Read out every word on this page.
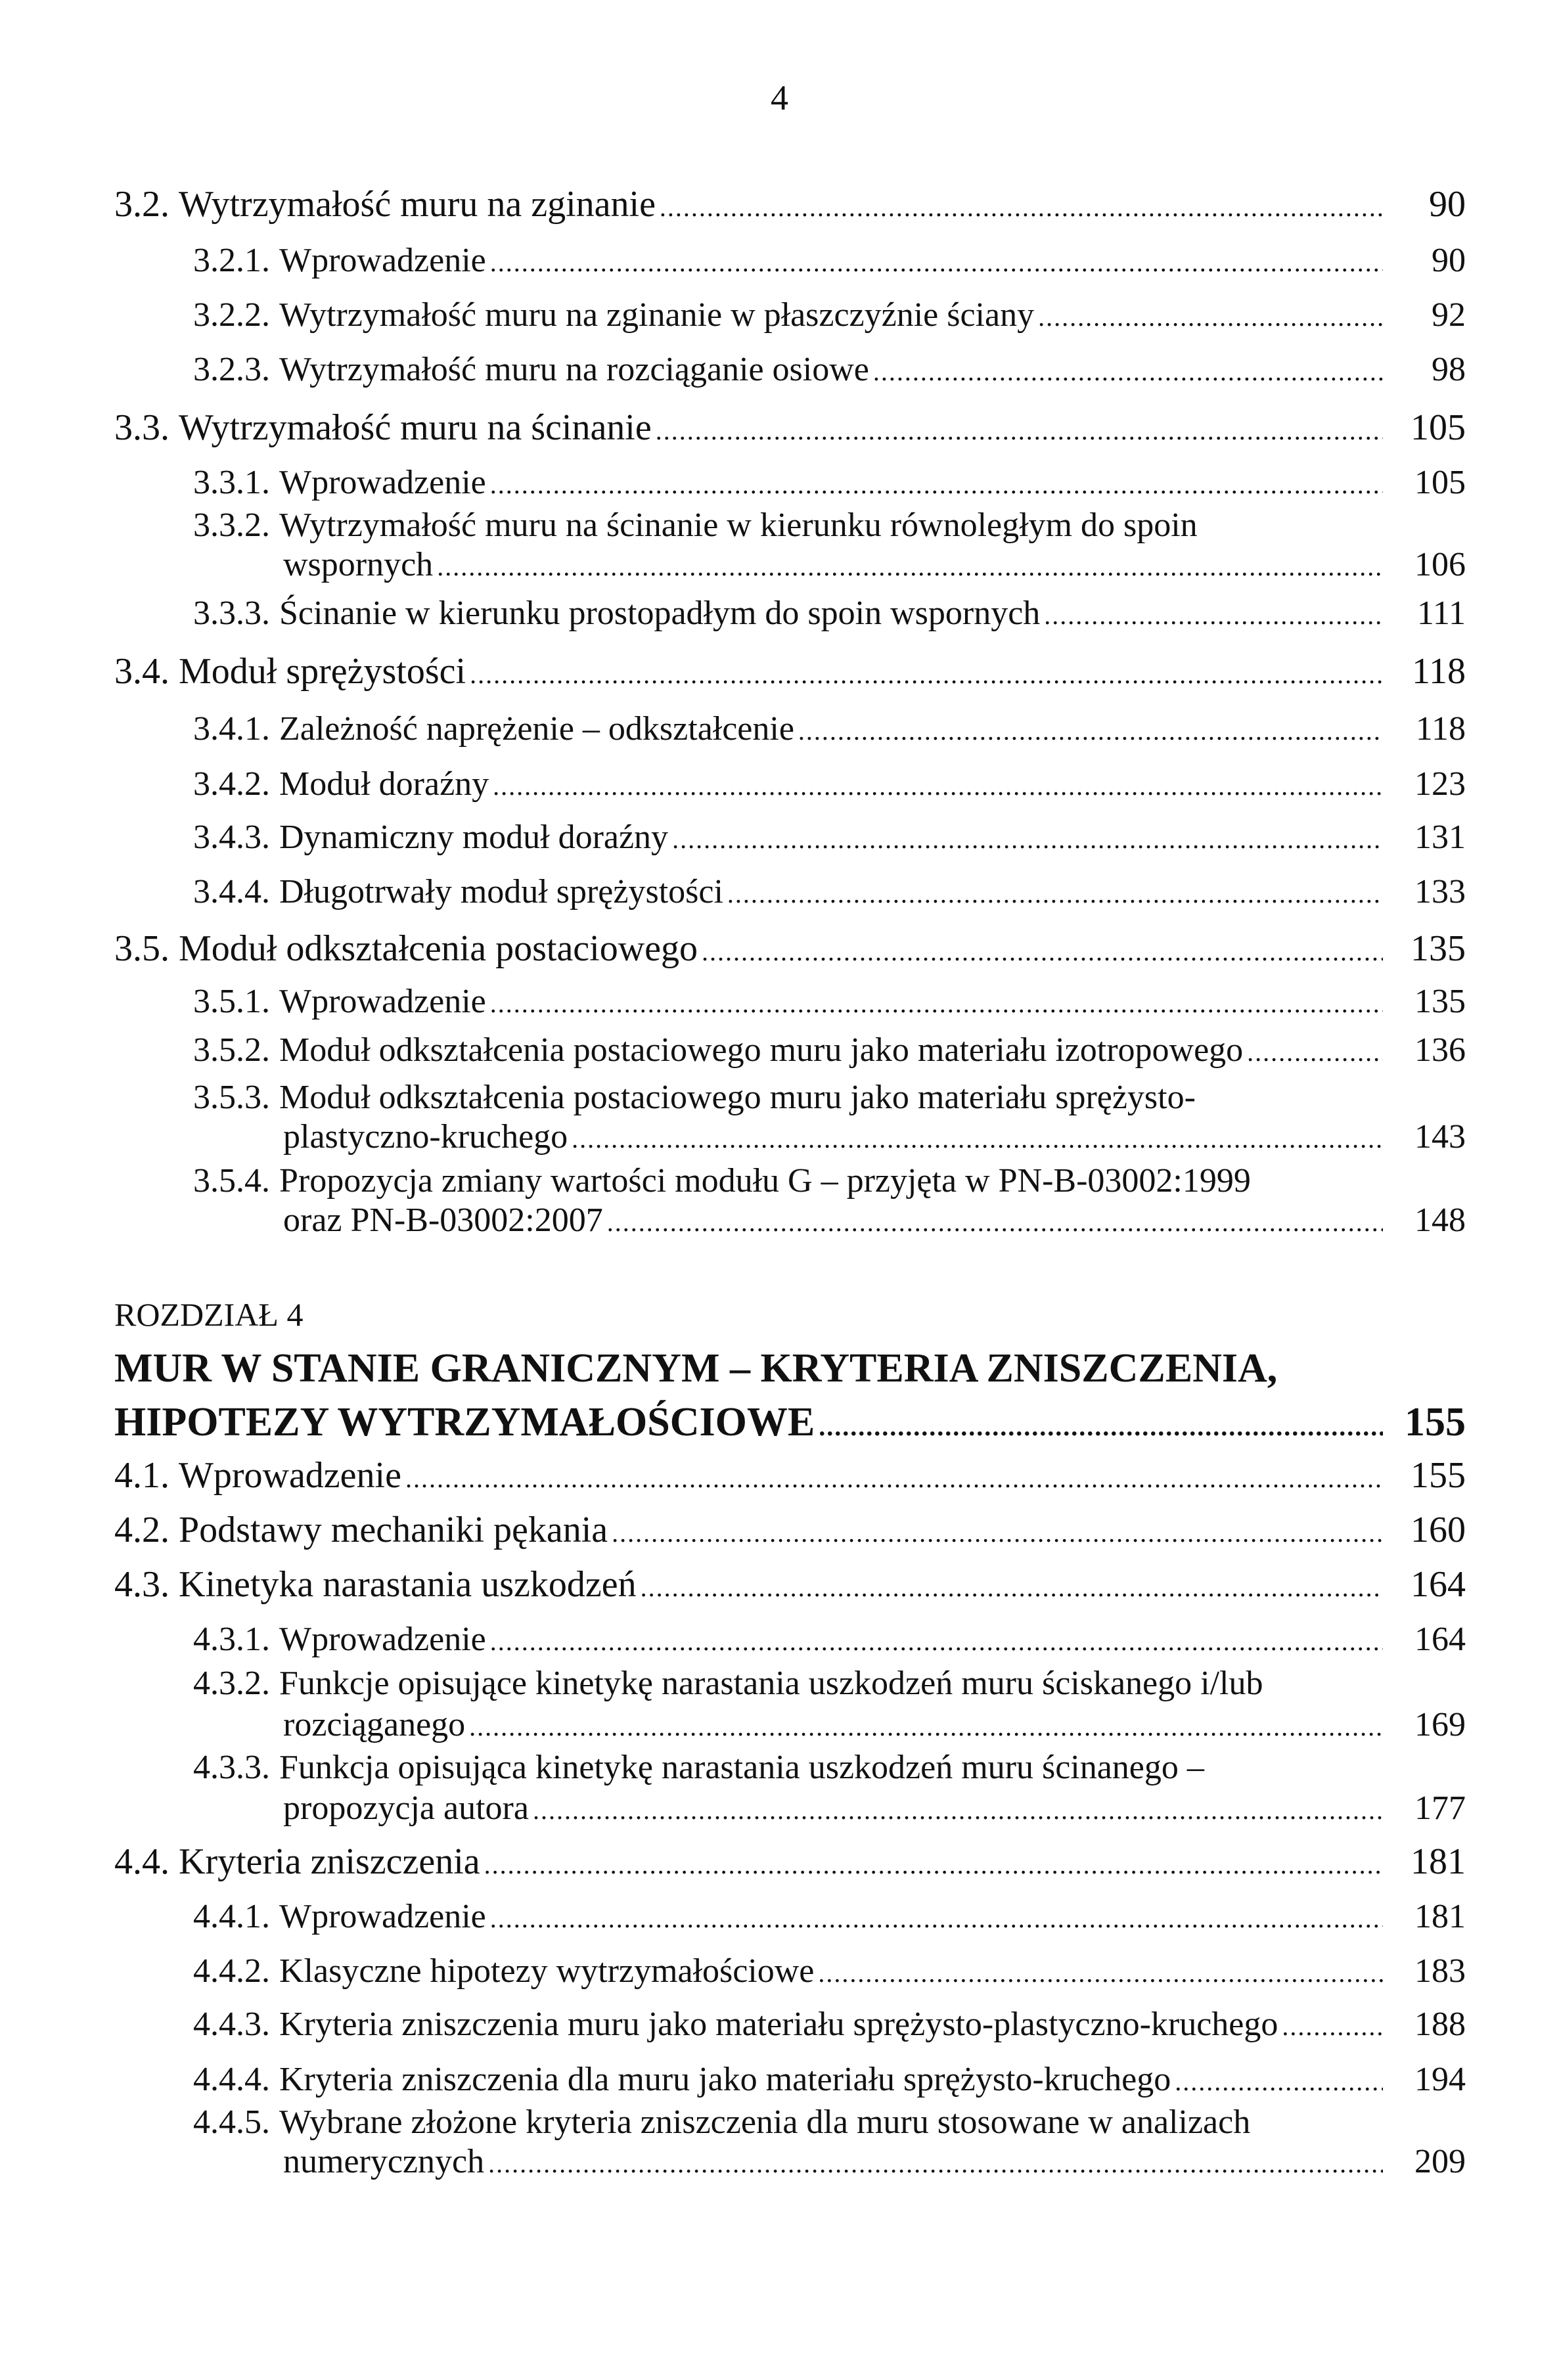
4
ROZDZIAŁ 4
3.2. Wytrzymałość muru na zginanie .....	90
3.2.1. Wprowadzenie .....	90
3.2.2. Wytrzymałość muru na zginanie w płaszczyźnie ściany .....	92
3.2.3. Wytrzymałość muru na rozciąganie osiowe .....	98
3.3. Wytrzymałość muru na ścinanie .....	105
3.3.1. Wprowadzenie .....	105
3.3.2. Wytrzymałość muru na ścinanie w kierunku równoległym do spoin
wspornych .....	106
3.3.3. Ścinanie w kierunku prostopadłym do spoin wspornych .....	111
3.4. Moduł sprężystości .....	118
3.4.1. Zależność naprężenie – odkształcenie .....	118
3.4.2. Moduł doraźny .....	123
3.4.3. Dynamiczny moduł doraźny .....	131
3.4.4. Długotrwały moduł sprężystości .....	133
3.5. Moduł odkształcenia postaciowego .....	135
3.5.1. Wprowadzenie .....	135
3.5.2. Moduł odkształcenia postaciowego muru jako materiału izotropowego .....	136
3.5.3. Moduł odkształcenia postaciowego muru jako materiału sprężysto-
plastyczno-kruchego .....	143
3.5.4. Propozycja zmiany wartości modułu G – przyjęta w PN-B-03002:1999
oraz PN-B-03002:2007 .....	148
MUR W STANIE GRANICZNYM – KRYTERIA ZNISZCZENIA,
HIPOTEZY WYTRZYMAŁOŚCIOWE .....	155
4.1. Wprowadzenie .....	155
4.2. Podstawy mechaniki pękania .....	160
4.3. Kinetyka narastania uszkodzeń .....	164
4.3.1. Wprowadzenie .....	164
4.3.2. Funkcje opisujące kinetykę narastania uszkodzeń muru ściskanego i/lub
rozciąganego .....	169
4.3.3. Funkcja opisująca kinetykę narastania uszkodzeń muru ścinanego –
propozycja autora .....	177
4.4. Kryteria zniszczenia .....	181
4.4.1. Wprowadzenie .....	181
4.4.2. Klasyczne hipotezy wytrzymałościowe .....	183
4.4.3. Kryteria zniszczenia muru jako materiału sprężysto-plastyczno-kruchego .....	188
4.4.4. Kryteria zniszczenia dla muru jako materiału sprężysto-kruchego .....	194
4.4.5. Wybrane złożone kryteria zniszczenia dla muru stosowane w analizach
numerycznych .....	209
